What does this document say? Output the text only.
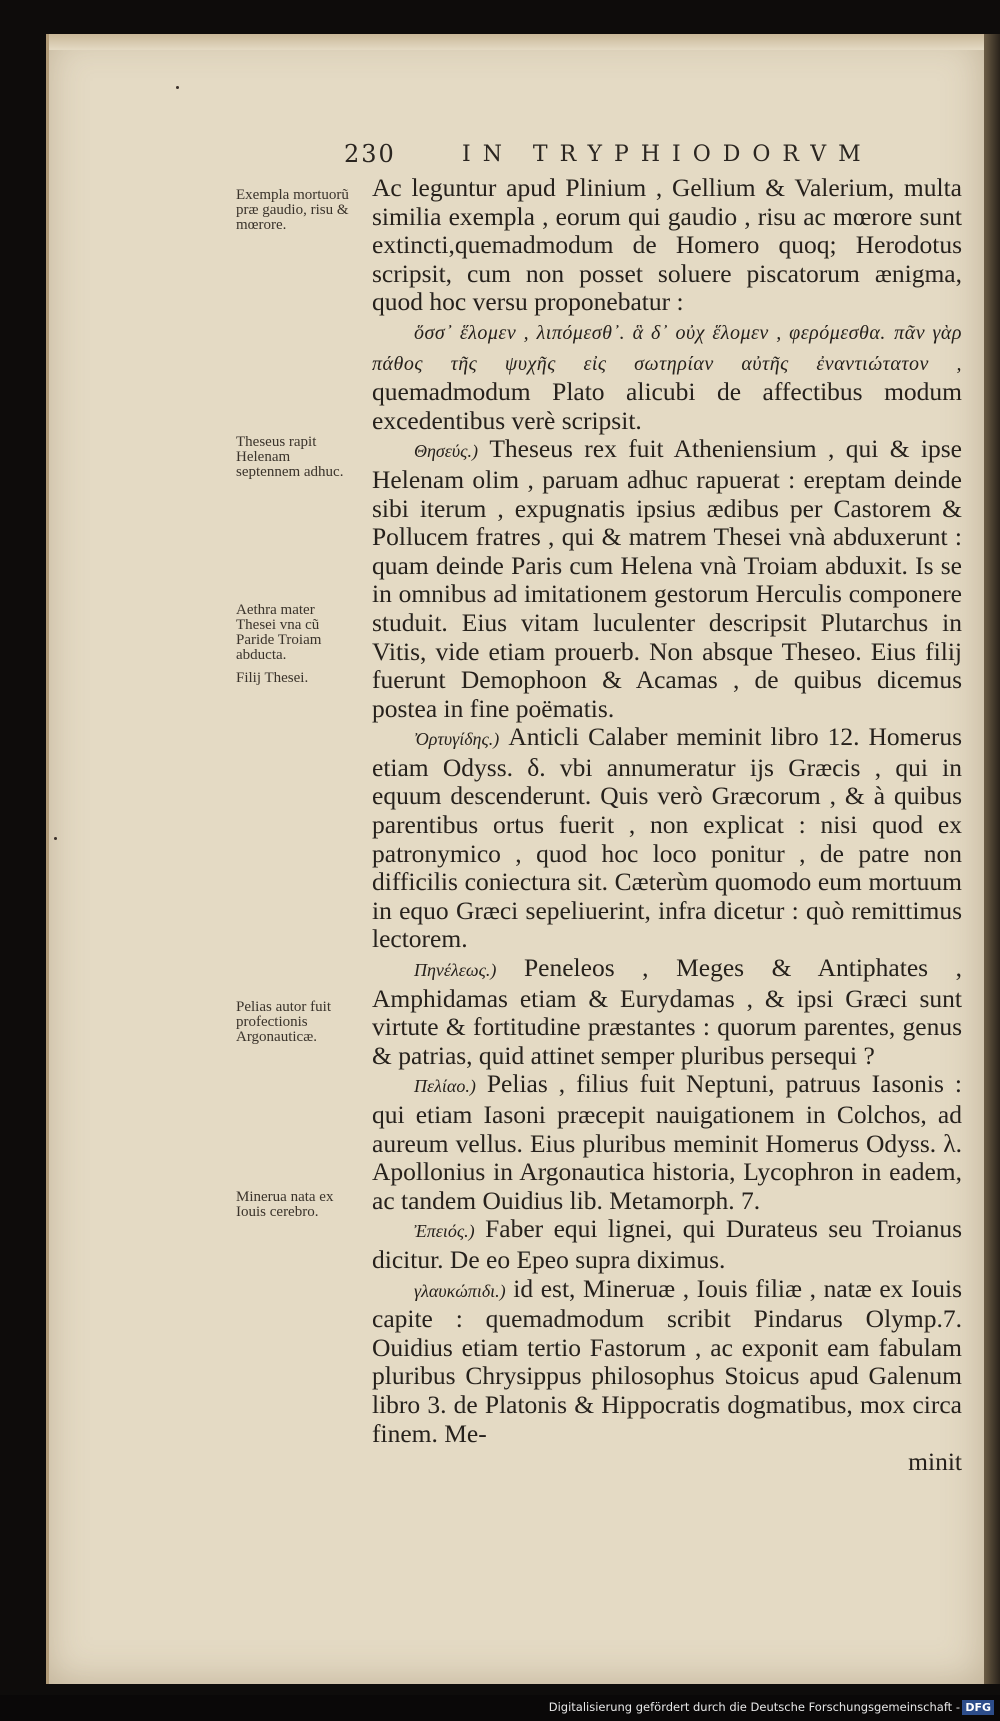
230	IN TRYPHIODORVM
Exempla mortuorũ præ gaudio, risu & mœrore.
Theseus rapit Helenam septennem adhuc.
Aethra mater Thesei vna cũ Paride Troiam abducta.
Filij Thesei.
Pelias autor fuit profectionis Argonauticæ.
Minerua nata ex Iouis cerebro.

Ac leguntur apud Plinium , Gellium & Valerium, multa similia exempla , eorum qui gaudio , risu ac mœrore sunt extincti,quemadmodum de Homero quoq; Herodotus scripsit, cum non posset soluere piscatorum ænigma, quod hoc versu proponebatur :

ὅσσ᾽ ἕλομεν , λιπόμεσθ᾽. ἃ δ᾽ οὐχ ἕλομεν , φερόμεσθα. πᾶν γὰρ πάθος τῆς ψυχῆς εἰς σωτηρίαν αὐτῆς ἐναντιώτατον , quemadmodum Plato alicubi de affectibus modum excedentibus verè scripsit.

Θησεύς.) Theseus rex fuit Atheniensium , qui & ipse Helenam olim , paruam adhuc rapuerat : ereptam deinde sibi iterum , expugnatis ipsius ædibus per Castorem & Pollucem fratres , qui & matrem Thesei vnà abduxerunt : quam deinde Paris cum Helena vnà Troiam abduxit. Is se in omnibus ad imitationem gestorum Herculis componere studuit. Eius vitam luculenter descripsit Plutarchus in Vitis, vide etiam prouerb. Non absque Theseo. Eius filij fuerunt Demophoon & Acamas , de quibus dicemus postea in fine poëmatis.

Ὀρτυγίδης.) Anticli Calaber meminit libro 12. Homerus etiam Odyss. δ. vbi annumeratur ijs Græcis , qui in equum descenderunt. Quis verò Græcorum , & à quibus parentibus ortus fuerit , non explicat : nisi quod ex patronymico , quod hoc loco ponitur , de patre non difficilis coniectura sit. Cæterùm quomodo eum mortuum in equo Græci sepeliuerint, infra dicetur : quò remittimus lectorem.

Πηνέλεως.) Peneleos , Meges & Antiphates , Amphidamas etiam & Eurydamas , & ipsi Græci sunt virtute & fortitudine præstantes : quorum parentes, genus & patrias, quid attinet semper pluribus persequi ?

Πελίαο.) Pelias , filius fuit Neptuni, patruus Iasonis : qui etiam Iasoni præcepit nauigationem in Colchos, ad aureum vellus. Eius pluribus meminit Homerus Odyss. λ. Apollonius in Argonautica historia, Lycophron in eadem, ac tandem Ouidius lib. Metamorph. 7.

Ἐπειός.) Faber equi lignei, qui Durateus seu Troianus dicitur. De eo Epeo supra diximus.

γλαυκώπιδι.) id est, Mineruæ , Iouis filiæ , natæ ex Iouis capite : quemadmodum scribit Pindarus Olymp.7. Ouidius etiam tertio Fastorum , ac exponit eam fabulam pluribus Chrysippus philosophus Stoicus apud Galenum libro 3. de Platonis & Hippocratis dogmatibus, mox circa finem. Me-

minit
Digitalisierung gefördert durch die Deutsche Forschungsgemeinschaft - DFG
